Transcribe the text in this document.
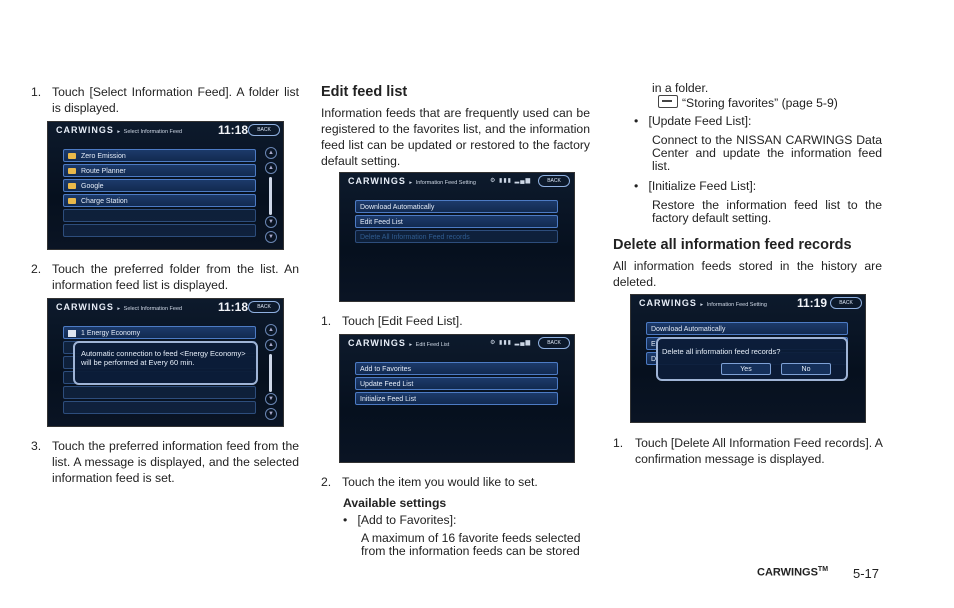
1. Touch [Select Information Feed]. A folder list is displayed.
CARWINGS ▸ Select Information Feed	11:18	BACK
Zero Emission
Route Planner
Google
Charge Station
▲
▲
▼
▼
2. Touch the preferred folder from the list. An information feed list is displayed.
CARWINGS ▸ Select Information Feed	11:18	BACK
1 Energy Economy
Automatic connection to feed <Energy Economy> will be performed at Every 60 min.
▲
▲
▼
▼
3. Touch the preferred information feed from the list. A message is displayed, and the selected information feed is set.
Edit feed list
Information feeds that are frequently used can be registered to the favorites list, and the information feed list can be updated or restored to the factory default setting.
CARWINGS ▸ Information Feed Setting ⚙ ▮▮▮ ▂▄▆	BACK
Download Automatically
Edit Feed List
Delete All Information Feed records
1. Touch [Edit Feed List].
CARWINGS ▸ Edit Feed List	⚙ ▮▮▮ ▂▄▆	BACK
Add to Favorites
Update Feed List
Initialize Feed List
2. Touch the item you would like to set.
Available settings
•   [Add to Favorites]:
A maximum of 16 favorite feeds selected from the information feeds can be stored
in a folder.
“Storing favorites” (page 5-9)
•   [Update Feed List]:
Connect to the NISSAN CARWINGS Data Center and update the information feed list.
•   [Initialize Feed List]:
Restore the information feed list to the factory default setting.
Delete all information feed records
All information feeds stored in the history are deleted.
CARWINGS ▸ Information Feed Setting	11:19	BACK
Download Automatically
E
D
Delete all information feed records?
Yes	No
1. Touch [Delete All Information Feed records]. A confirmation message is displayed.
CARWINGS™ 5-17
